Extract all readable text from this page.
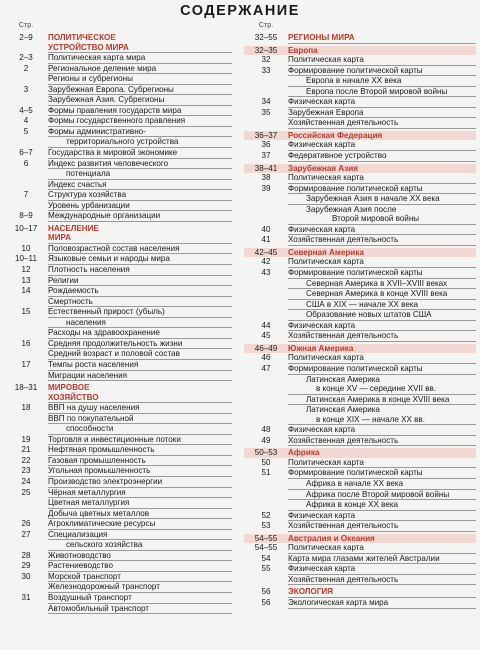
СОДЕРЖАНИЕ
Стр.
2–9	ПОЛИТИЧЕСКОЕ
УСТРОЙСТВО МИРА
2–3	Политическая карта мира
2	Региональное деление мира
Регионы и субрегионы
3	Зарубежная Европа. Субрегионы
Зарубежная Азия. Субрегионы
4–5	Формы правления государств мира
4	Формы государственного правления
5	Формы административно-
территориального устройства
6–7	Государства в мировой экономике
6	Индекс развития человеческого
потенциала
Индекс счастья
7	Структура хозяйства
Уровень урбанизации
8–9	Международные организации
10–17	НАСЕЛЕНИЕ
МИРА
10	Половозрастной состав населения
10–11	Языковые семьи и народы мира
12	Плотность населения
13	Религии
14	Рождаемость
Смертность
15	Естественный прирост (убыль)
населения
Расходы на здравоохранение
16	Средняя продолжительность жизни
Средний возраст и половой состав
17	Темпы роста населения
Миграции населения
18–31	МИРОВОЕ
ХОЗЯЙСТВО
18	ВВП на душу населения
ВВП по покупательной
способности
19	Торговля и инвестиционные потоки
21	Нефтяная промышленность
22	Газовая промышленность
23	Угольная промышленность
24	Производство электроэнергии
25	Чёрная металлургия
Цветная металлургия
Добыча цветных металлов
26	Агроклиматические ресурсы
27	Специализация
сельского хозяйства
28	Животноводство
29	Растениеводство
30	Морской транспорт
Железнодорожный транспорт
31	Воздушный транспорт
Автомобильный транспорт
Стр.
32–55	РЕГИОНЫ МИРА
32–35	Европа
32	Политическая карта
33	Формирование политической карты
Европа в начале XX века
Европа после Второй мировой войны
34	Физическая карта
35	Зарубежная Европа
Хозяйственная деятельность
36–37	Российская Федерация
36	Физическая карта
37	Федеративное устройство
38–41	Зарубежная Азия
38	Политическая карта
39	Формирование политической карты
Зарубежная Азия в начале XX века
Зарубежная Азия после
Второй мировой войны
40	Физическая карта
41	Хозяйственная деятельность
42–45	Северная Америка
42	Политическая карта
43	Формирование политической карты
Северная Америка в XVII–XVIII веках
Северная Америка в конце XVIII века
США в XIX — начале XX века
Образование новых штатов США
44	Физическая карта
45	Хозяйственная деятельность
46–49	Южная Америка
46	Политическая карта
47	Формирование политической карты
Латинская Америка
в конце XV — середине XVII вв.
Латинская Америка в конце XVIII века
Латинская Америка
в конце XIX — начале XX вв.
48	Физическая карта
49	Хозяйственная деятельность
50–53	Африка
50	Политическая карта
51	Формирование политической карты
Африка в начале XX века
Африка после Второй мировой войны
Африка в конце XX века
52	Физическая карта
53	Хозяйственная деятельность
54–55	Австралия и Океания
54–55	Политическая карта
54	Карта мира глазами жителей Австралии
55	Физическая карта
Хозяйственная деятельность
56	ЭКОЛОГИЯ
56	Экологическая карта мира
